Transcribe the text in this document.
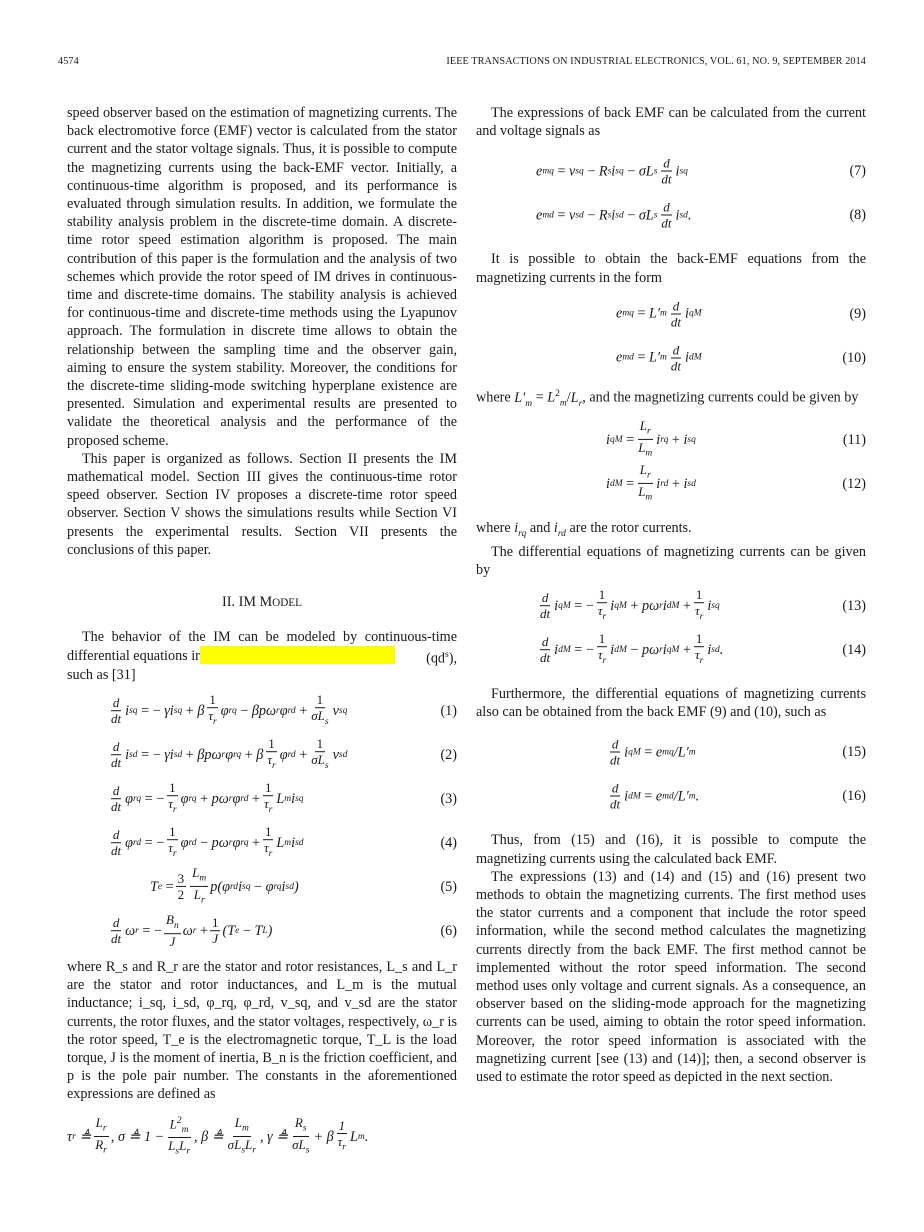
4574	IEEE TRANSACTIONS ON INDUSTRIAL ELECTRONICS, VOL. 61, NO. 9, SEPTEMBER 2014

speed observer based on the estimation of magnetizing currents. The back electromotive force (EMF) vector is calculated from the stator current and the stator voltage signals. Thus, it is possible to compute the magnetizing currents using the back-EMF vector. Initially, a continuous-time algorithm is proposed, and its performance is evaluated through simulation results. In addition, we formulate the stability analysis problem in the discrete-time domain. A discrete-time rotor speed estimation algorithm is proposed. The main contribution of this paper is the formulation and the analysis of two schemes which provide the rotor speed of IM drives in continuous-time and discrete-time domains. The stability analysis is achieved for continuous-time and discrete-time methods using the Lyapunov approach. The formulation in discrete time allows to obtain the relationship between the sampling time and the observer gain, aiming to ensure the system stability. Moreover, the conditions for the discrete-time sliding-mode switching hyperplane existence are presented. Simulation and experimental results are presented to validate the theoretical analysis and the performance of the proposed scheme.

This paper is organized as follows. Section II presents the IM mathematical model. Section III gives the continuous-time rotor speed observer. Section IV proposes a discrete-time rotor speed observer. Section V shows the simulations results while Section VI presents the experimental results. Section VII presents the conclusions of this paper.

II. IM MODEL

The behavior of the IM can be modeled by continuous-time differential equations ir	$(qd^s)$,

such as [31]

$\frac{d}{dt}$ i sq
=
− γi sq
+ β $\frac{1}{\tau_r}$ φ rq
− βpω r φ rd
+ $\frac{1}{\sigma L_s}$ v sq	(1)
$\frac{d}{dt}$ i sd
=
− γi sd
+ βpω r φ rq
+ β $\frac{1}{\tau_r}$ φ rd
+ $\frac{1}{\sigma L_s}$ v sd	(2)
$\frac{d}{dt}$ φ rq
=
− $\frac{1}{\tau_r}$ φ rq
+ pω r φ rd
+ $\frac{1}{\tau_r}$ L m i sq	(3)
$\frac{d}{dt}$ φ rd
=
− $\frac{1}{\tau_r}$ φ rd
− pω r φ rq
+ $\frac{1}{\tau_r}$ L m i sd	(4)
T e
= $\frac{3}{2} \frac{L_m}{L_r} p(\varphi$ rd i sq
− φ rq i sd )	(5)
$\frac{d}{dt}$ ω r
=
− $\frac{B_n}{J}$ ω r
+ $\frac{1}{J} (T$ e
− T L )	(6)

where R_s and R_r are the stator and rotor resistances, L_s and L_r are the stator and rotor inductances, and L_m is the mutual inductance; i_sq, i_sd, φ_rq, φ_rd, v_sq, and v_sd are the stator currents, the rotor fluxes, and the stator voltages, respectively, ω_r is the rotor speed, T_e is the electromagnetic torque, T_L is the load torque, J is the moment of inertia, B_n is the friction coefficient, and p is the pole pair number. The constants in the aforementioned expressions are defined as

τ r
≜ $\frac{L_r}{R_r}$ , σ ≜
$1 - \frac{L^2_m}{L_sL_r}$ , β ≜ $\frac{L_m}{\sigma L_sL_r}$ , γ ≜ $\frac{R_s}{\sigma L_s} + \beta \frac{1}{\tau_r}$ L m .

The expressions of back EMF can be calculated from the current and voltage signals as

e mq
= v sq
− R s i sq
− σL s $\frac{d}{dt}$ i sq	(7)
e md
= v sd
− R s i sd
− σL s $\frac{d}{dt}$ i sd .	(8)

It is possible to obtain the back-EMF equations from the magnetizing currents in the form

e mq
= L′ m $\frac{d}{dt}$ i qM	(9)
e md
= L′ m $\frac{d}{dt}$ i dM	(10)

where $L'_m = L^2_m/L_r$, and the magnetizing currents could be given by

i qM
= $\frac{L_r}{L_m}$ i rq
+ i sq	(11)
i dM
= $\frac{L_r}{L_m}$ i rd
+ i sd	(12)

where $i_{rq}$ and $i_{rd}$ are the rotor currents.

The differential equations of magnetizing currents can be given by

$\frac{d}{dt}$ i qM
=
− $\frac{1}{\tau_r}$ i qM
+ pω r i dM
+ $\frac{1}{\tau_r}$ i sq	(13)
$\frac{d}{dt}$ i dM
=
− $\frac{1}{\tau_r}$ i dM
− pω r i qM
+ $\frac{1}{\tau_r}$ i sd .	(14)

Furthermore, the differential equations of magnetizing currents also can be obtained from the back EMF (9) and (10), such as

$\frac{d}{dt}$ i qM
= e mq /L′ m	(15)
$\frac{d}{dt}$ i dM
= e md /L′ m .	(16)

Thus, from (15) and (16), it is possible to compute the magnetizing currents using the calculated back EMF.

The expressions (13) and (14) and (15) and (16) present two methods to obtain the magnetizing currents. The first method uses the stator currents and a component that include the rotor speed information, while the second method calculates the magnetizing currents directly from the back EMF. The first method cannot be implemented without the rotor speed information. The second method uses only voltage and current signals. As a consequence, an observer based on the sliding-mode approach for the magnetizing currents can be used, aiming to obtain the rotor speed information. Moreover, the rotor speed information is associated with the magnetizing current [see (13) and (14)]; then, a second observer is used to estimate the rotor speed as depicted in the next section.
